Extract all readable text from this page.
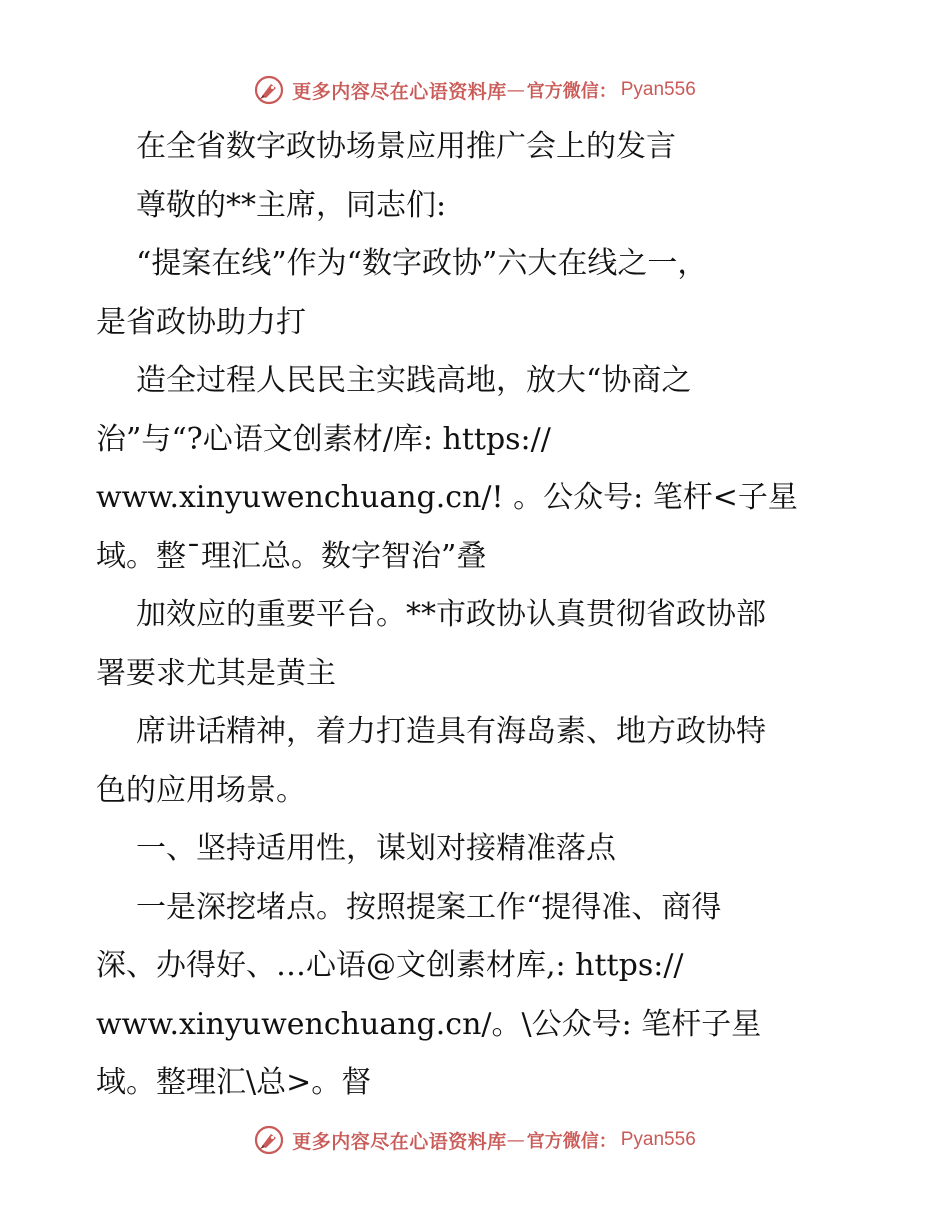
更多内容尽在心语资料库 — 官方微信： Pyan556
在全省数字政协场景应用推广会上的发言
尊敬的**主席，同志们:
“提案在线”作为“数字政协”六大在线之一，
是省政协助力打
造全过程人民民主实践高地，放大“协商之
治”与“?心语文创素材/库: https://
www.xinyuwenchuang.cn/! 。公众号: 笔杆<子星
域。整¯理汇总。数字智治”叠
加效应的重要平台。**市政协认真贯彻省政协部
署要求尤其是黄主
席讲话精神，着力打造具有海岛素、地方政协特
色的应用场景。
一、坚持适用性，谋划对接精准落点
一是深挖堵点。按照提案工作“提得准、商得
深、办得好、…心语@文创素材库,: https://
www.xinyuwenchuang.cn/。\公众号: 笔杆子星
域。整理汇\总>。督
更多内容尽在心语资料库 — 官方微信： Pyan556
